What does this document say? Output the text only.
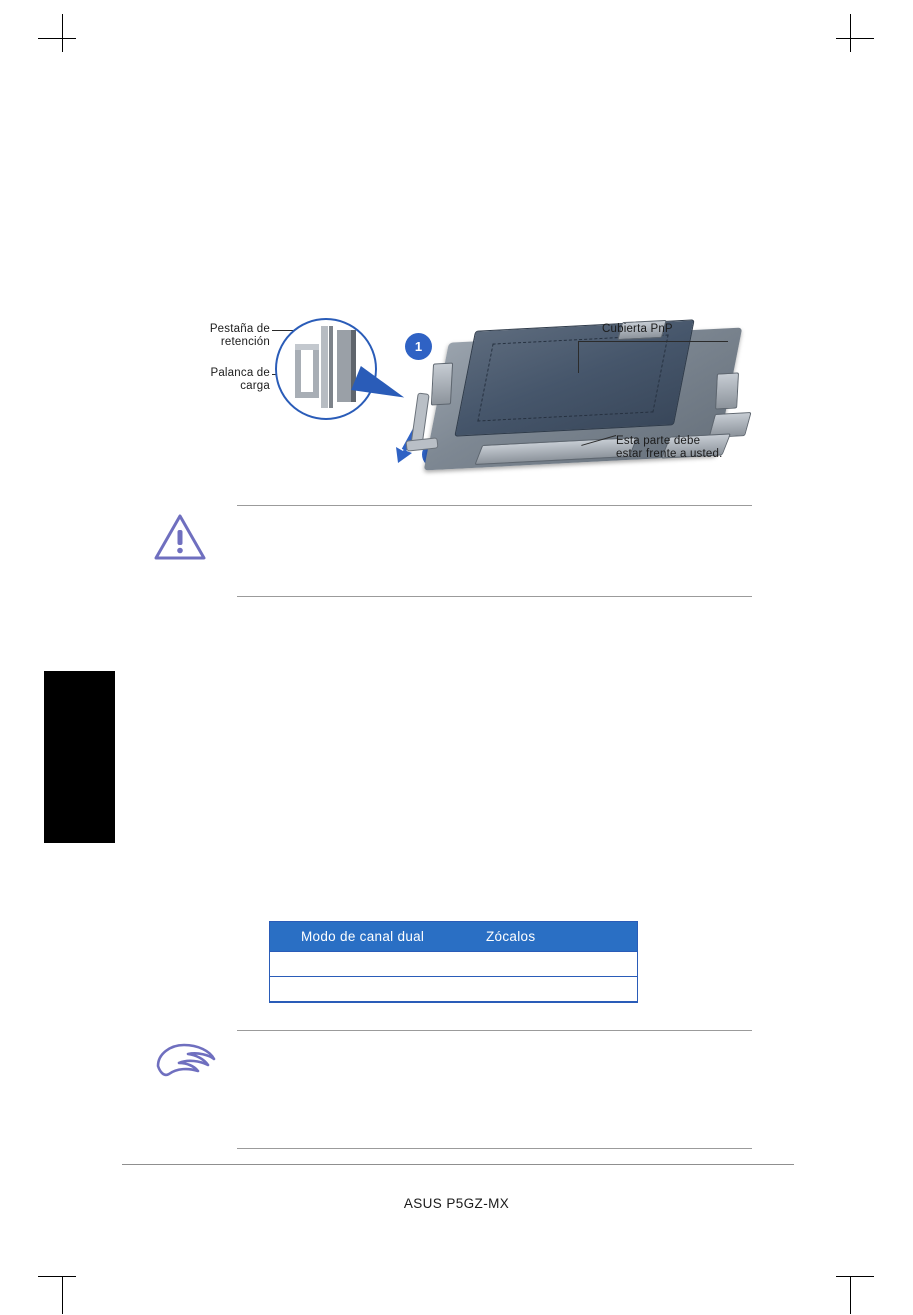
Pestaña de
retención
Palanca de
carga
1
Cubierta PnP
Esta parte debe
estar frente a usted.
Modo de canal dual	Zócalos
ASUS P5GZ-MX
